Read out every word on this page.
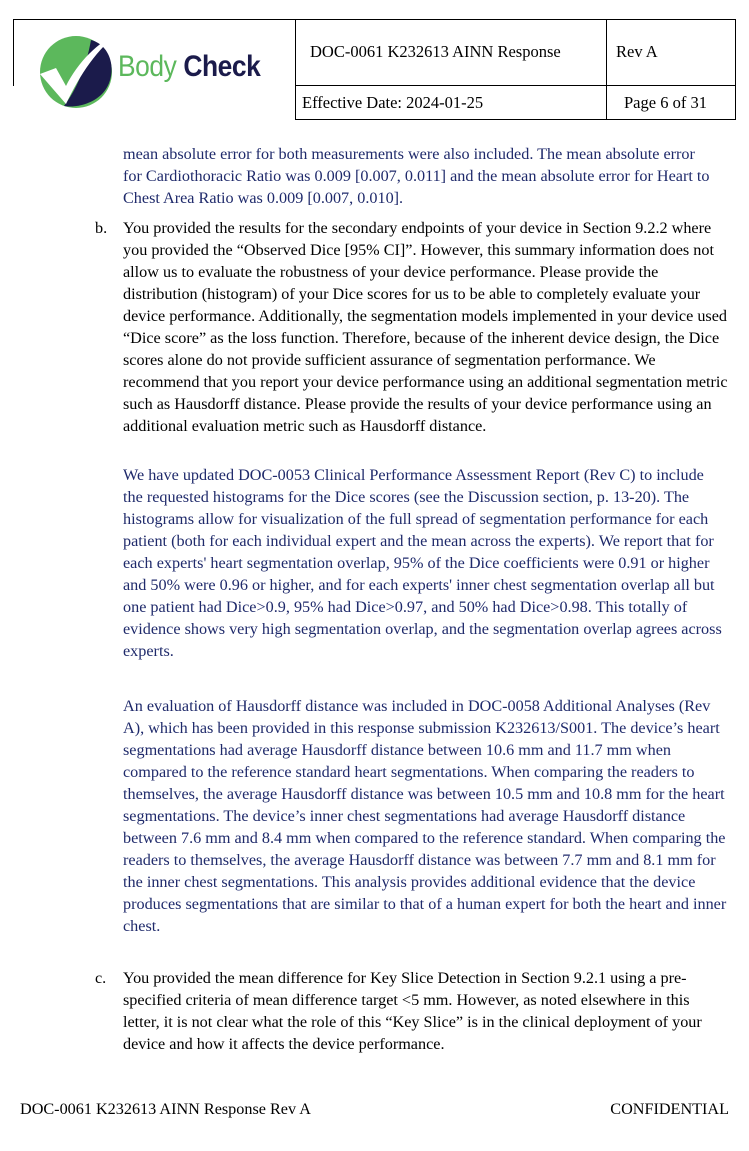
Body Check	DOC-0061 K232613 AINN Response	Rev A
Effective Date: 2024-01-25	Page 6 of 31
mean absolute error for both measurements were also included. The mean absolute error for Cardiothoracic Ratio was 0.009 [0.007, 0.011] and the mean absolute error for Heart to Chest Area Ratio was 0.009 [0.007, 0.010].
b. You provided the results for the secondary endpoints of your device in Section 9.2.2 where you provided the “Observed Dice [95% CI]”. However, this summary information does not allow us to evaluate the robustness of your device performance. Please provide the distribution (histogram) of your Dice scores for us to be able to completely evaluate your device performance. Additionally, the segmentation models implemented in your device used “Dice score” as the loss function. Therefore, because of the inherent device design, the Dice scores alone do not provide sufficient assurance of segmentation performance. We recommend that you report your device performance using an additional segmentation metric such as Hausdorff distance. Please provide the results of your device performance using an additional evaluation metric such as Hausdorff distance.
We have updated DOC-0053 Clinical Performance Assessment Report (Rev C) to include the requested histograms for the Dice scores (see the Discussion section, p. 13-20). The histograms allow for visualization of the full spread of segmentation performance for each patient (both for each individual expert and the mean across the experts). We report that for each experts' heart segmentation overlap, 95% of the Dice coefficients were 0.91 or higher and 50% were 0.96 or higher, and for each experts' inner chest segmentation overlap all but one patient had Dice>0.9, 95% had Dice>0.97, and 50% had Dice>0.98. This totally of evidence shows very high segmentation overlap, and the segmentation overlap agrees across experts.
An evaluation of Hausdorff distance was included in DOC-0058 Additional Analyses (Rev A), which has been provided in this response submission K232613/S001. The device’s heart segmentations had average Hausdorff distance between 10.6 mm and 11.7 mm when compared to the reference standard heart segmentations. When comparing the readers to themselves, the average Hausdorff distance was between 10.5 mm and 10.8 mm for the heart segmentations. The device’s inner chest segmentations had average Hausdorff distance between 7.6 mm and 8.4 mm when compared to the reference standard. When comparing the readers to themselves, the average Hausdorff distance was between 7.7 mm and 8.1 mm for the inner chest segmentations. This analysis provides additional evidence that the device produces segmentations that are similar to that of a human expert for both the heart and inner chest.
c. You provided the mean difference for Key Slice Detection in Section 9.2.1 using a pre-specified criteria of mean difference target <5 mm. However, as noted elsewhere in this letter, it is not clear what the role of this “Key Slice” is in the clinical deployment of your device and how it affects the device performance.
DOC-0061 K232613 AINN Response Rev A	CONFIDENTIAL
